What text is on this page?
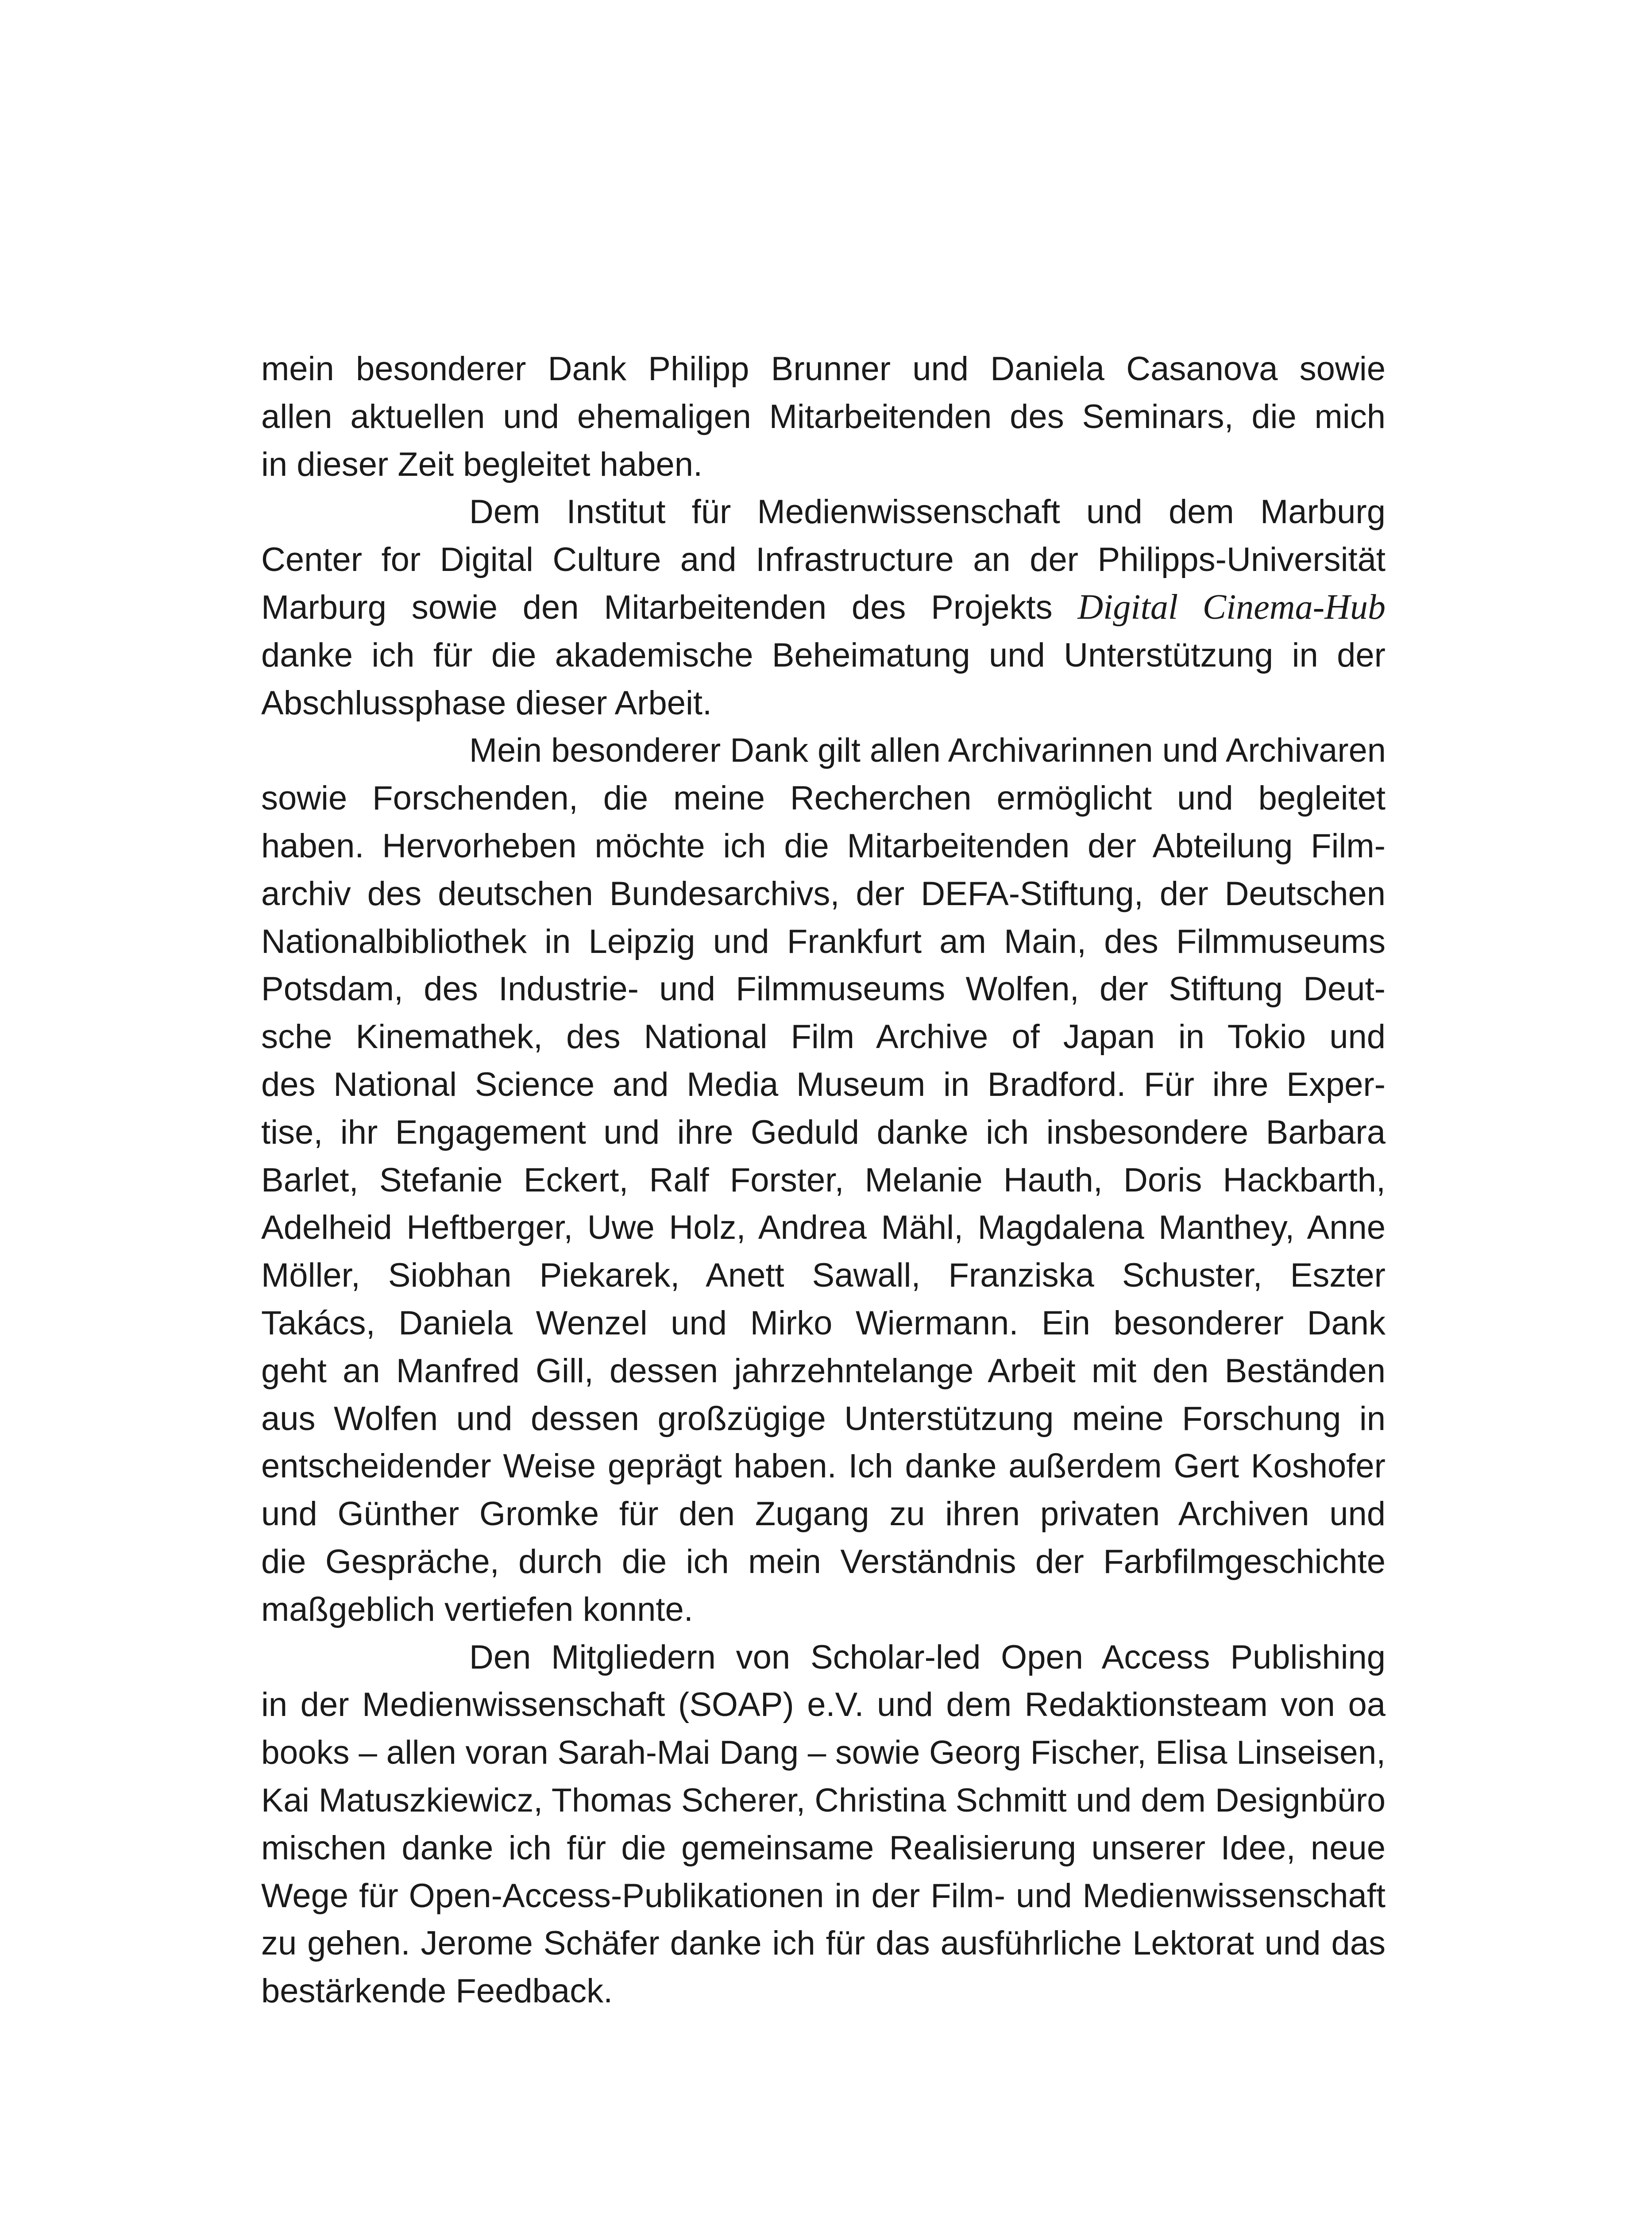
mein besonderer Dank Philipp Brunner und Daniela Casanova sowie
allen aktuellen und ehemaligen Mitarbeitenden des Seminars, die mich
in dieser Zeit begleitet haben.

Dem Institut für Medienwissenschaft und dem Marburg
Center for Digital Culture and Infrastructure an der Philipps-Universität
Marburg sowie den Mitarbeitenden des Projekts Digital Cinema-Hub
danke ich für die akademische Beheimatung und Unterstützung in der
Abschlussphase dieser Arbeit.

Mein besonderer Dank gilt allen Archivarinnen und Archivaren
sowie Forschenden, die meine Recherchen ermöglicht und begleitet
haben. Hervorheben möchte ich die Mitarbeitenden der Abteilung Film-
archiv des deutschen Bundesarchivs, der DEFA-Stiftung, der Deutschen
Nationalbibliothek in Leipzig und Frankfurt am Main, des Filmmuseums
Potsdam, des Industrie- und Filmmuseums Wolfen, der Stiftung Deut-
sche Kinemathek, des National Film Archive of Japan in Tokio und
des National Science and Media Museum in Bradford. Für ihre Exper-
tise, ihr Engagement und ihre Geduld danke ich insbesondere Barbara
Barlet, Stefanie Eckert, Ralf Forster, Melanie Hauth, Doris Hackbarth,
Adelheid Heftberger, Uwe Holz, Andrea Mähl, Magdalena Manthey, Anne
Möller, Siobhan Piekarek, Anett Sawall, Franziska Schuster, Eszter
Takács, Daniela Wenzel und Mirko Wiermann. Ein besonderer Dank
geht an Manfred Gill, dessen jahrzehntelange Arbeit mit den Beständen
aus Wolfen und dessen großzügige Unterstützung meine Forschung in
entscheidender Weise geprägt haben. Ich danke außerdem Gert Koshofer
und Günther Gromke für den Zugang zu ihren privaten Archiven und
die Gespräche, durch die ich mein Verständnis der Farbfilmgeschichte
maßgeblich vertiefen konnte.

Den Mitgliedern von Scholar-led Open Access Publishing
in der Medienwissenschaft (SOAP) e.V. und dem Redaktionsteam von oa
books – allen voran Sarah-Mai Dang – sowie Georg Fischer, Elisa Linseisen,
Kai Matuszkiewicz, Thomas Scherer, Christina Schmitt und dem Designbüro
mischen danke ich für die gemeinsame Realisierung unserer Idee, neue
Wege für Open-Access-Publikationen in der Film- und Medienwissenschaft
zu gehen. Jerome Schäfer danke ich für das ausführliche Lektorat und das
bestärkende Feedback.
